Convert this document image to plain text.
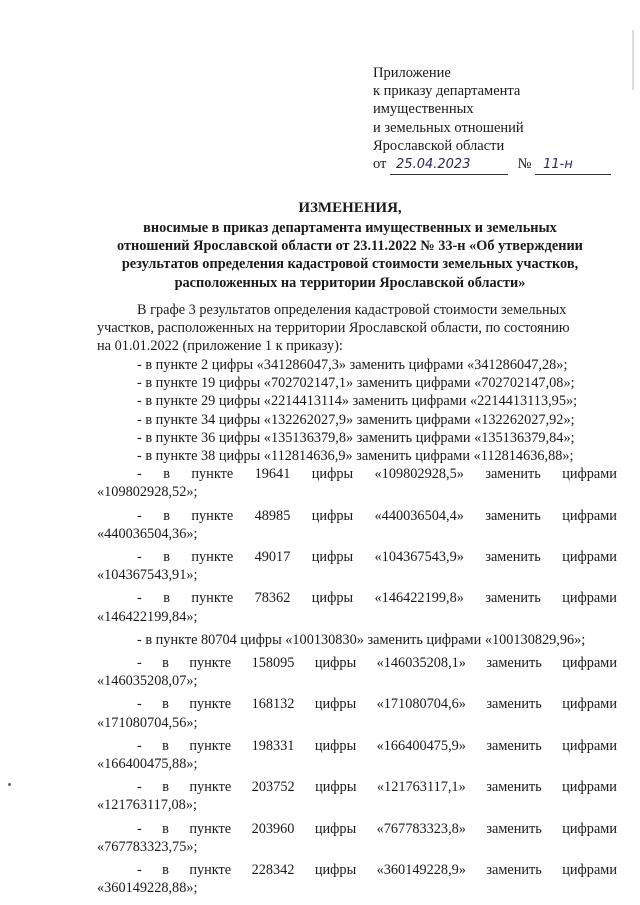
Приложение
к приказу департамента
имущественных
и земельных отношений
Ярославской области
от 25.04.2023	№ 11-н
ИЗМЕНЕНИЯ,
вносимые в приказ департамента имущественных и земельных
отношений Ярославской области от 23.11.2022 № 33-н «Об утверждении
результатов определения кадастровой стоимости земельных участков,
расположенных на территории Ярославской области»
В графе 3 результатов определения кадастровой стоимости земельных
участков, расположенных на территории Ярославской области, по состоянию
на 01.01.2022 (приложение 1 к приказу):
- в пункте 2 цифры «341286047,3» заменить цифрами «341286047,28»;
- в пункте 19 цифры «702702147,1» заменить цифрами «702702147,08»;
- в пункте 29 цифры «2214413114» заменить цифрами «2214413113,95»;
- в пункте 34 цифры «132262027,9» заменить цифрами «132262027,92»;
- в пункте 36 цифры «135136379,8» заменить цифрами «135136379,84»;
- в пункте 38 цифры «112814636,9» заменить цифрами «112814636,88»;
- в пункте 19641 цифры «109802928,5» заменить цифрами
«109802928,52»;
- в пункте 48985 цифры «440036504,4» заменить цифрами
«440036504,36»;
- в пункте 49017 цифры «104367543,9» заменить цифрами
«104367543,91»;
- в пункте 78362 цифры «146422199,8» заменить цифрами
«146422199,84»;
- в пункте 80704 цифры «100130830» заменить цифрами «100130829,96»;
- в пункте 158095 цифры «146035208,1» заменить цифрами
«146035208,07»;
- в пункте 168132 цифры «171080704,6» заменить цифрами
«171080704,56»;
- в пункте 198331 цифры «166400475,9» заменить цифрами
«166400475,88»;
- в пункте 203752 цифры «121763117,1» заменить цифрами
«121763117,08»;
- в пункте 203960 цифры «767783323,8» заменить цифрами
«767783323,75»;
- в пункте 228342 цифры «360149228,9» заменить цифрами
«360149228,88»;
